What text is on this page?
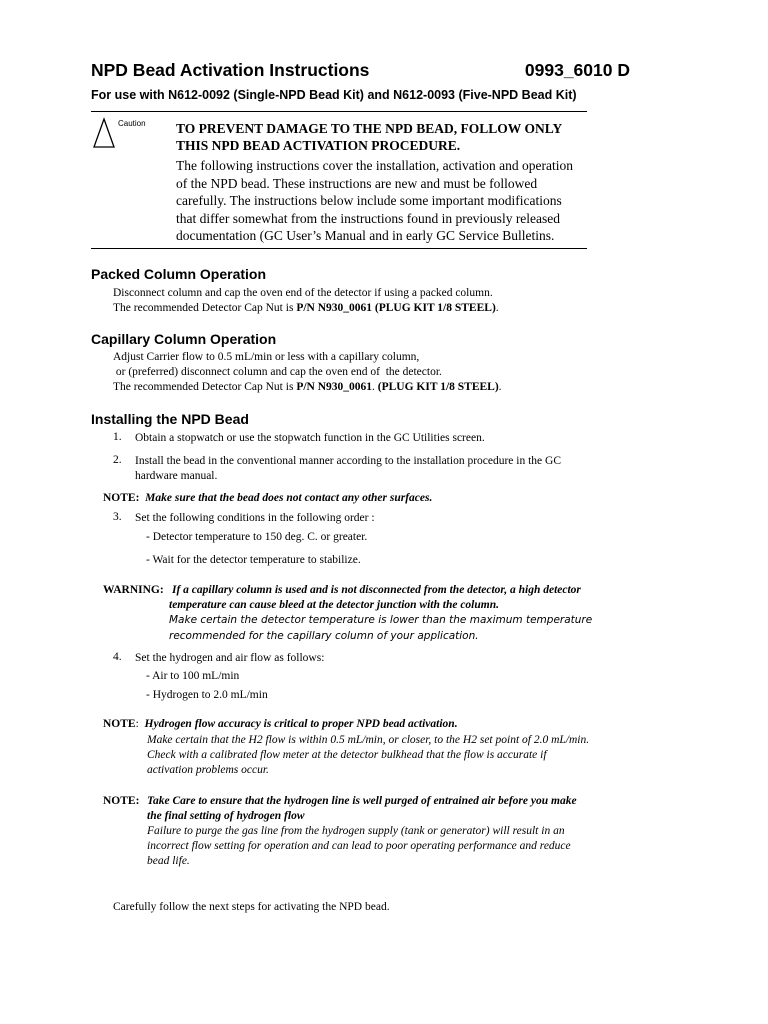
NPD Bead Activation Instructions	0993_6010 D
For use with N612-0092 (Single-NPD Bead Kit) and N612-0093 (Five-NPD Bead Kit)
Caution TO PREVENT DAMAGE TO THE NPD BEAD, FOLLOW ONLY
THIS NPD BEAD ACTIVATION PROCEDURE.
The following instructions cover the installation, activation and operation
of the NPD bead. These instructions are new and must be followed
carefully. The instructions below include some important modifications
that differ somewhat from the instructions found in previously released
documentation (GC User’s Manual and in early GC Service Bulletins.
Packed Column Operation
Disconnect column and cap the oven end of the detector if using a packed column.
The recommended Detector Cap Nut is P/N N930_0061 (PLUG KIT 1/8 STEEL).
Capillary Column Operation
Adjust Carrier flow to 0.5 mL/min or less with a capillary column,
or (preferred) disconnect column and cap the oven end of  the detector.
The recommended Detector Cap Nut is P/N N930_0061. (PLUG KIT 1/8 STEEL).
Installing the NPD Bead
1. Obtain a stopwatch or use the stopwatch function in the GC Utilities screen.
2. Install the bead in the conventional manner according to the installation procedure in the GC
hardware manual.
NOTE: Make sure that the bead does not contact any other surfaces.
3. Set the following conditions in the following order :
- Detector temperature to 150 deg. C. or greater.
- Wait for the detector temperature to stabilize.
WARNING: If a capillary column is used and is not disconnected from the detector, a high detector
temperature can cause bleed at the detector junction with the column.
Make certain the detector temperature is lower than the maximum temperature
recommended for the capillary column of your application.
4. Set the hydrogen and air flow as follows:
- Air to 100 mL/min
- Hydrogen to 2.0 mL/min
NOTE: Hydrogen flow accuracy is critical to proper NPD bead activation.
Make certain that the H2 flow is within 0.5 mL/min, or closer, to the H2 set point of 2.0 mL/min.
Check with a calibrated flow meter at the detector bulkhead that the flow is accurate if
activation problems occur.
NOTE: Take Care to ensure that the hydrogen line is well purged of entrained air before you make
the final setting of hydrogen flow
Failure to purge the gas line from the hydrogen supply (tank or generator) will result in an
incorrect flow setting for operation and can lead to poor operating performance and reduce
bead life.
Carefully follow the next steps for activating the NPD bead.
